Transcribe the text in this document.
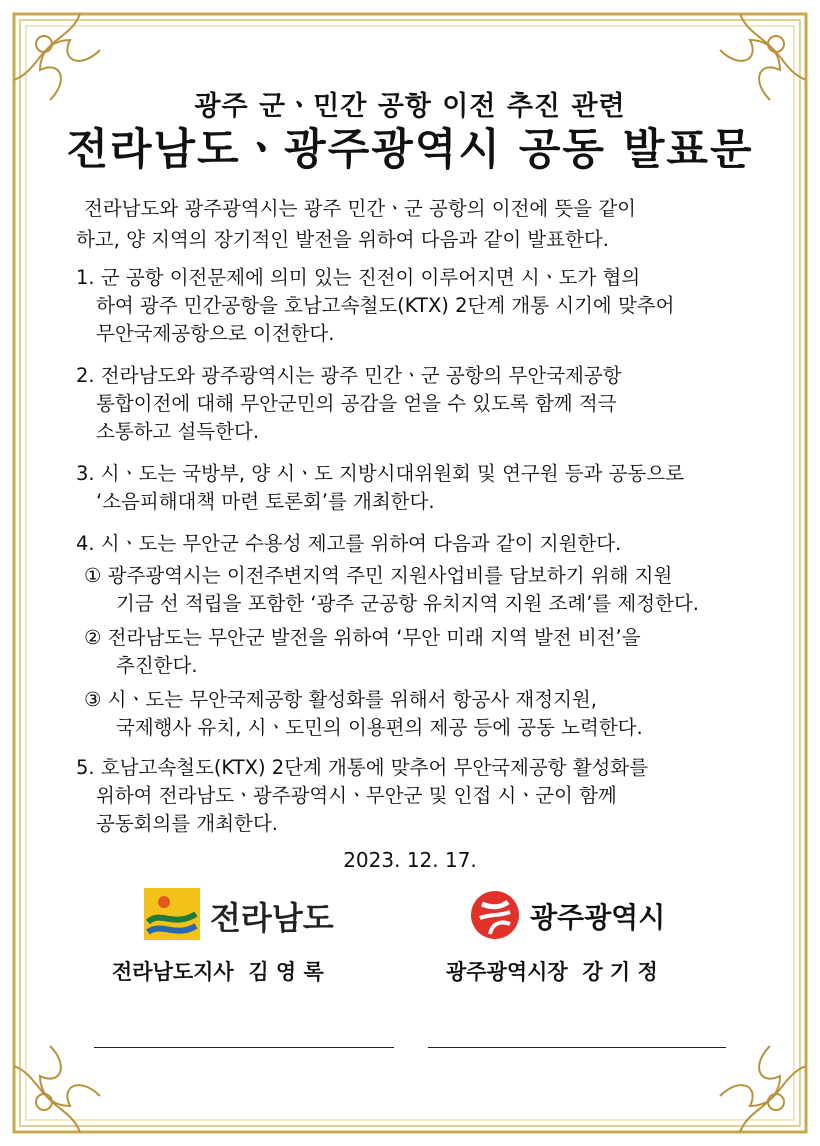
광주 군ㆍ민간 공항 이전 추진 관련
전라남도ㆍ광주광역시 공동 발표문
전라남도와 광주광역시는 광주 민간ㆍ군 공항의 이전에 뜻을 같이
하고, 양 지역의 장기적인 발전을 위하여 다음과 같이 발표한다.
1. 군 공항 이전문제에 의미 있는 진전이 이루어지면 시ㆍ도가 협의
하여 광주 민간공항을 호남고속철도(KTX) 2단계 개통 시기에 맞추어
무안국제공항으로 이전한다.
2. 전라남도와 광주광역시는 광주 민간ㆍ군 공항의 무안국제공항
통합이전에 대해 무안군민의 공감을 얻을 수 있도록 함께 적극
소통하고 설득한다.
3. 시ㆍ도는 국방부, 양 시ㆍ도 지방시대위원회 및 연구원 등과 공동으로
‘소음피해대책 마련 토론회’를 개최한다.
4. 시ㆍ도는 무안군 수용성 제고를 위하여 다음과 같이 지원한다.
① 광주광역시는 이전주변지역 주민 지원사업비를 담보하기 위해 지원
기금 선 적립을 포함한 ‘광주 군공항 유치지역 지원 조례’를 제정한다.
② 전라남도는 무안군 발전을 위하여 ‘무안 미래 지역 발전 비전’을
추진한다.
③ 시ㆍ도는 무안국제공항 활성화를 위해서 항공사 재정지원,
국제행사 유치, 시ㆍ도민의 이용편의 제공 등에 공동 노력한다.
5. 호남고속철도(KTX) 2단계 개통에 맞추어 무안국제공항 활성화를
위하여 전라남도ㆍ광주광역시ㆍ무안군 및 인접 시ㆍ군이 함께
공동회의를 개최한다.
2023. 12. 17.
전라남도	광주광역시
전라남도지사  김 영 록	광주광역시장  강 기 정
